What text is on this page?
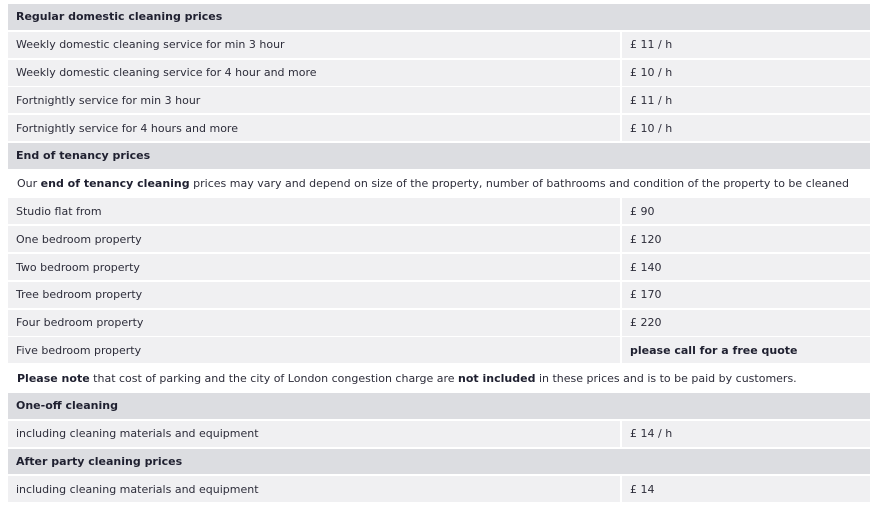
Regular domestic cleaning prices
Weekly domestic cleaning service for min 3 hour	£ 11 / h
Weekly domestic cleaning service for 4 hour and more	£ 10 / h
Fortnightly service for min 3 hour	£ 11 / h
Fortnightly service for 4 hours and more	£ 10 / h
End of tenancy prices
Our end of tenancy cleaning prices may vary and depend on size of the property, number of bathrooms and condition of the property to be cleaned
Studio flat from	£ 90
One bedroom property	£ 120
Two bedroom property	£ 140
Tree bedroom property	£ 170
Four bedroom property	£ 220
Five bedroom property	please call for a free quote
Please note that cost of parking and the city of London congestion charge are not included in these prices and is to be paid by customers.
One-off cleaning
including cleaning materials and equipment	£ 14 / h
After party cleaning prices
including cleaning materials and equipment	£ 14
